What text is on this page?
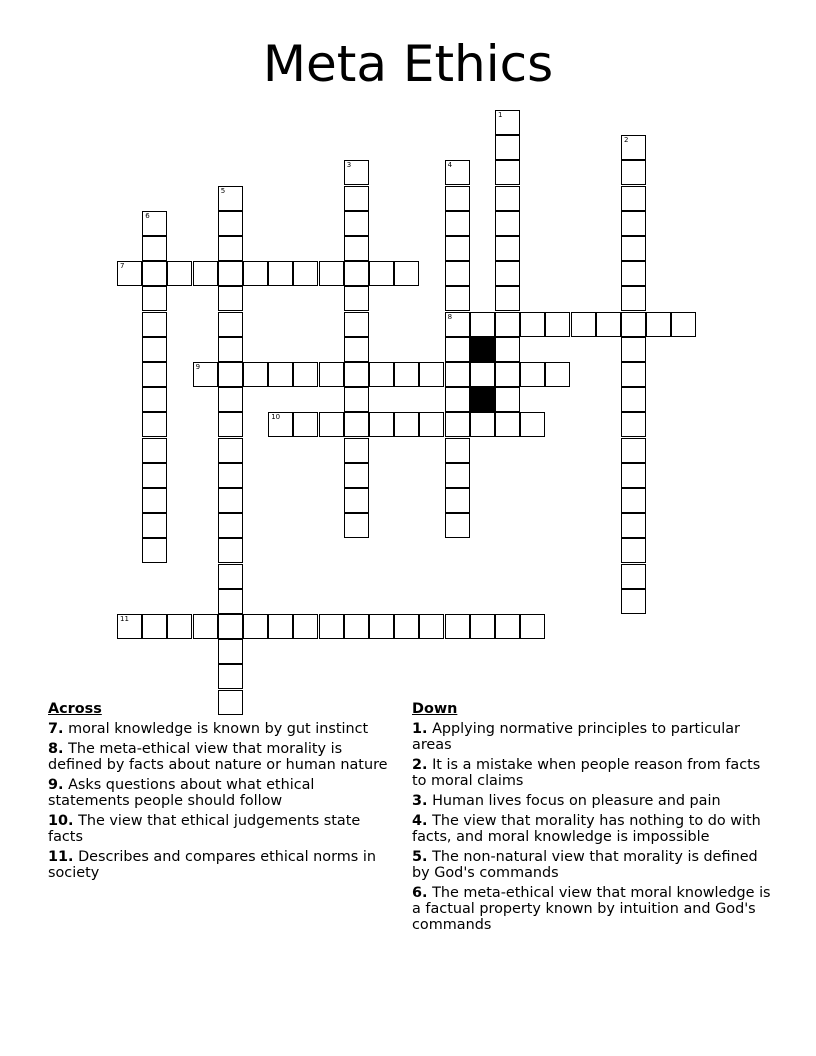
Meta Ethics
1
2
3	4
8
5
6
7
9
10
11
Across
7. moral knowledge is known by gut instinct
8. The meta-ethical view that morality is defined by facts about nature or human nature
9. Asks questions about what ethical statements people should follow
10. The view that ethical judgements state facts
11. Describes and compares ethical norms in society
Down
1. Applying normative principles to particular areas
2. It is a mistake when people reason from facts to moral claims
3. Human lives focus on pleasure and pain
4. The view that morality has nothing to do with facts, and moral knowledge is impossible
5. The non-natural view that morality is defined by God's commands
6. The meta-ethical view that moral knowledge is a factual property known by intuition and God's commands
